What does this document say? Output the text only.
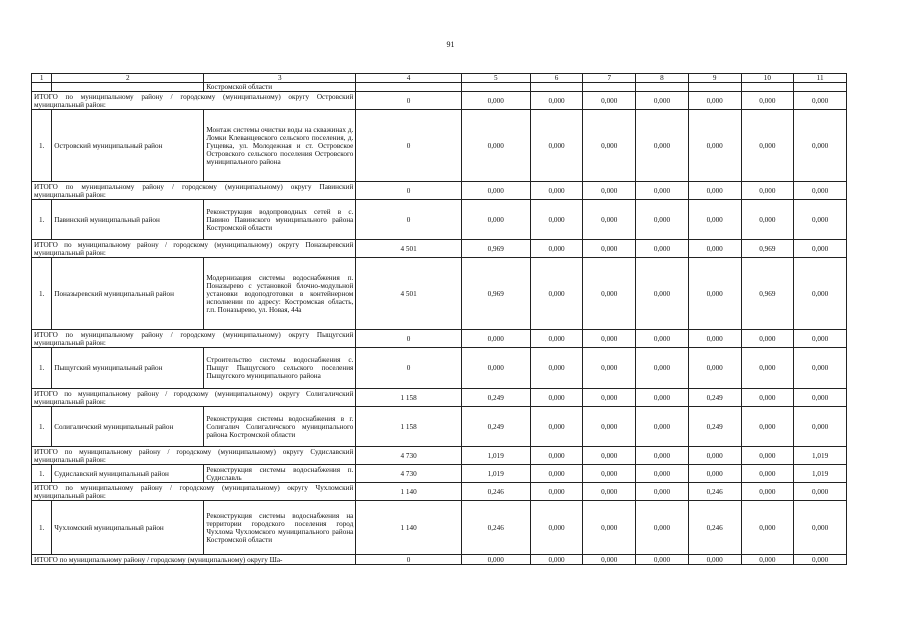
91
1	2	3	4	5	6	7	8	9	10	11
		Костромской области								
ИТОГО по муниципальному району / городскому (муниципальному) округу Островский муниципальный район:			0	0,000	0,000	0,000	0,000	0,000	0,000	0,000
1.	Островский муниципальный район	Монтаж системы очистки воды на скважинах д. Ломки Клеванцевского сельского поселения, д. Гущевка, ул. Молодежная и ст. Островское Островского сельского поселения Островского муниципального района	0	0,000	0,000	0,000	0,000	0,000	0,000	0,000
ИТОГО по муниципальному району / городскому (муниципальному) округу Павинский муниципальный район:			0	0,000	0,000	0,000	0,000	0,000	0,000	0,000
1.	Павинский муниципальный район	Реконструкция водопроводных сетей в с. Павино Павинского муниципального района Костромской области	0	0,000	0,000	0,000	0,000	0,000	0,000	0,000
ИТОГО по муниципальному району / городскому (муниципальному) округу Поназыревский муниципальный район:			4 501	0,969	0,000	0,000	0,000	0,000	0,969	0,000
1.	Поназыревский муниципальный район	Модернизация системы водоснабжения п. Поназырево с установкой блочно-модульной установки водоподготовки в контейнерном исполнении по адресу: Костромская область, г.п. Поназырево, ул. Новая, 44а	4 501	0,969	0,000	0,000	0,000	0,000	0,969	0,000
ИТОГО по муниципальному району / городскому (муниципальному) округу Пыщугский муниципальный район:			0	0,000	0,000	0,000	0,000	0,000	0,000	0,000
1.	Пыщугский муниципальный район	Строительство системы водоснабжения с. Пыщуг Пыщугского сельского поселения Пыщугского муниципального района	0	0,000	0,000	0,000	0,000	0,000	0,000	0,000
ИТОГО по муниципальному району / городскому (муниципальному) округу Солигаличский муниципальный район:			1 158	0,249	0,000	0,000	0,000	0,249	0,000	0,000
1.	Солигаличский муниципальный район	Реконструкция системы водоснабжения в г. Солигалич Солигаличского муниципального района Костромской области	1 158	0,249	0,000	0,000	0,000	0,249	0,000	0,000
ИТОГО по муниципальному району / городскому (муниципальному) округу Судиславский муниципальный район:			4 730	1,019	0,000	0,000	0,000	0,000	0,000	1,019
1.	Судиславский муниципальный район	Реконструкция системы водоснабжения п. Судиславль	4 730	1,019	0,000	0,000	0,000	0,000	0,000	1,019
ИТОГО по муниципальному району / городскому (муниципальному) округу Чухломский муниципальный район:			1 140	0,246	0,000	0,000	0,000	0,246	0,000	0,000
1.	Чухломский муниципальный район	Реконструкция системы водоснабжения на территории городского поселения город Чухлома Чухломского муниципального района Костромской области	1 140	0,246	0,000	0,000	0,000	0,246	0,000	0,000
ИТОГО по муниципальному району / городскому (муниципальному) округу Ша-			0	0,000	0,000	0,000	0,000	0,000	0,000	0,000
